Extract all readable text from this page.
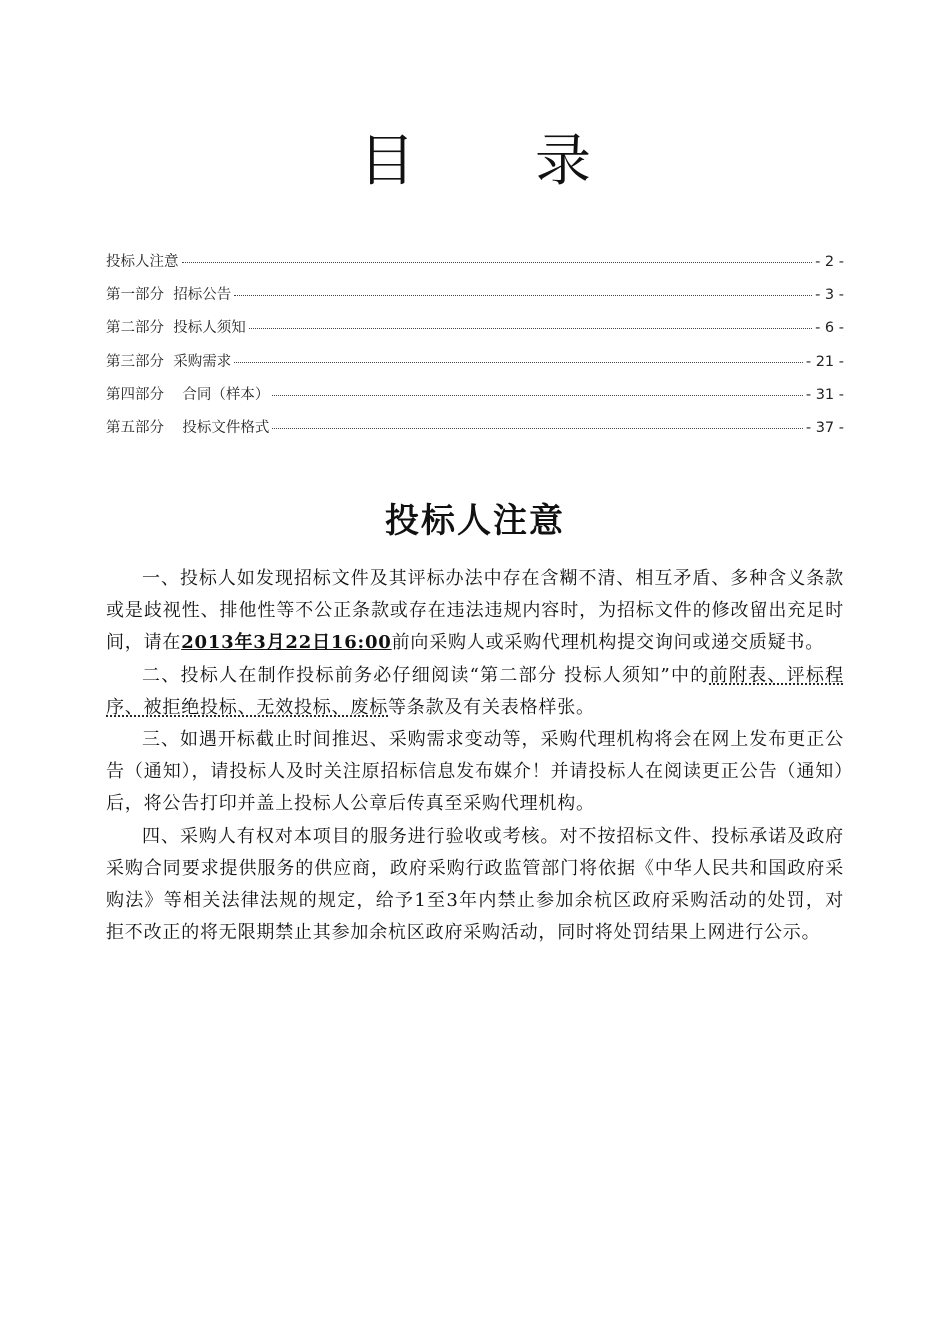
目录
投标人注意	- 2 -
第一部分  招标公告	- 3 -
第二部分  投标人须知	- 6 -
第三部分  采购需求	- 21 -
第四部分    合同（样本）	- 31 -
第五部分    投标文件格式	- 37 -
投标人注意

一、投标人如发现招标文件及其评标办法中存在含糊不清、相互矛盾、多种含义条款或是歧视性、排他性等不公正条款或存在违法违规内容时，为招标文件的修改留出充足时间，请在2013年3月22日16:00前向采购人或采购代理机构提交询问或递交质疑书。

二、投标人在制作投标前务必仔细阅读“第二部分 投标人须知”中的前附表、评标程序、被拒绝投标、无效投标、废标等条款及有关表格样张。

三、如遇开标截止时间推迟、采购需求变动等，采购代理机构将会在网上发布更正公告（通知），请投标人及时关注原招标信息发布媒介！并请投标人在阅读更正公告（通知）后，将公告打印并盖上投标人公章后传真至采购代理机构。

四、采购人有权对本项目的服务进行验收或考核。对不按招标文件、投标承诺及政府采购合同要求提供服务的供应商，政府采购行政监管部门将依据《中华人民共和国政府采购法》等相关法律法规的规定，给予1至3年内禁止参加余杭区政府采购活动的处罚，对拒不改正的将无限期禁止其参加余杭区政府采购活动，同时将处罚结果上网进行公示。
